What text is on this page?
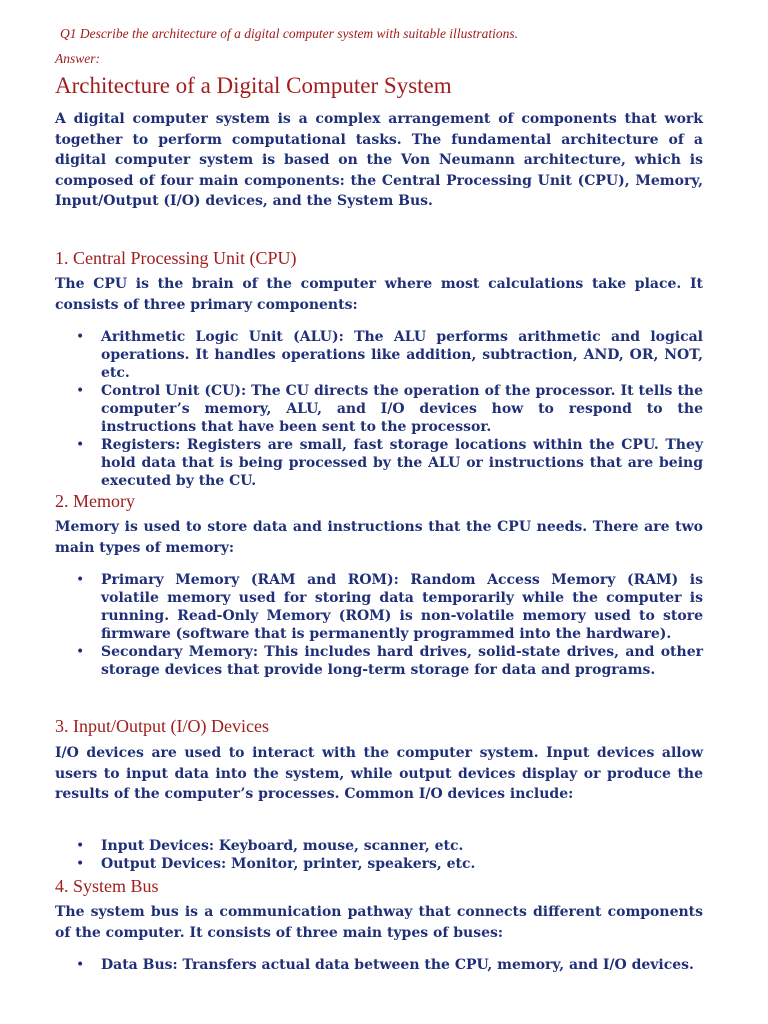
Q1 Describe the architecture of a digital computer system with suitable illustrations.

Answer:

Architecture of a Digital Computer System

A digital computer system is a complex arrangement of components that work together to perform computational tasks. The fundamental architecture of a digital computer system is based on the Von Neumann architecture, which is composed of four main components: the Central Processing Unit (CPU), Memory, Input/Output (I/O) devices, and the System Bus.

1. Central Processing Unit (CPU)

The CPU is the brain of the computer where most calculations take place. It consists of three primary components:

• Arithmetic Logic Unit (ALU): The ALU performs arithmetic and logical operations. It handles operations like addition, subtraction, AND, OR, NOT, etc.
• Control Unit (CU): The CU directs the operation of the processor. It tells the computer’s memory, ALU, and I/O devices how to respond to the instructions that have been sent to the processor.
• Registers: Registers are small, fast storage locations within the CPU. They hold data that is being processed by the ALU or instructions that are being executed by the CU.
2. Memory

Memory is used to store data and instructions that the CPU needs. There are two main types of memory:

• Primary Memory (RAM and ROM): Random Access Memory (RAM) is volatile memory used for storing data temporarily while the computer is running. Read-Only Memory (ROM) is non-volatile memory used to store firmware (software that is permanently programmed into the hardware).
• Secondary Memory: This includes hard drives, solid-state drives, and other storage devices that provide long-term storage for data and programs.
3. Input/Output (I/O) Devices

I/O devices are used to interact with the computer system. Input devices allow users to input data into the system, while output devices display or produce the results of the computer’s processes. Common I/O devices include:

• Input Devices: Keyboard, mouse, scanner, etc.
• Output Devices: Monitor, printer, speakers, etc.
4. System Bus

The system bus is a communication pathway that connects different components of the computer. It consists of three main types of buses:

• Data Bus: Transfers actual data between the CPU, memory, and I/O devices.
